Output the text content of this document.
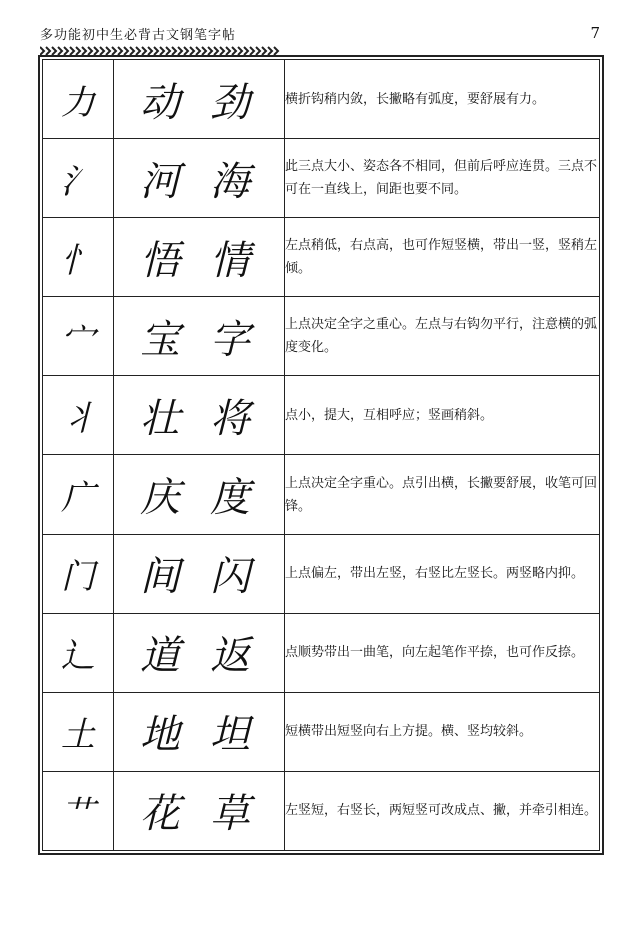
多功能初中生必背古文钢笔字帖	7
力	动 劲	横折钩稍内敛，长撇略有弧度，要舒展有力。
氵	河 海	此三点大小、姿态各不相同，但前后呼应连贯。三点不可在一直线上，间距也要不同。
忄	悟 情	左点稍低，右点高，也可作短竖横，带出一竖，竖稍左倾。
宀	宝 字	上点决定全字之重心。左点与右钩勿平行，注意横的弧度变化。
丬	壮 将	点小，提大，互相呼应；竖画稍斜。
广	庆 度	上点决定全字重心。点引出横，长撇要舒展，收笔可回锋。
门	间 闪	上点偏左，带出左竖，右竖比左竖长。两竖略内抑。
辶	道 返	点顺势带出一曲笔，向左起笔作平捺，也可作反捺。
土	地 坦	短横带出短竖向右上方提。横、竖均较斜。
艹	花 草	左竖短，右竖长，两短竖可改成点、撇，并牵引相连。
